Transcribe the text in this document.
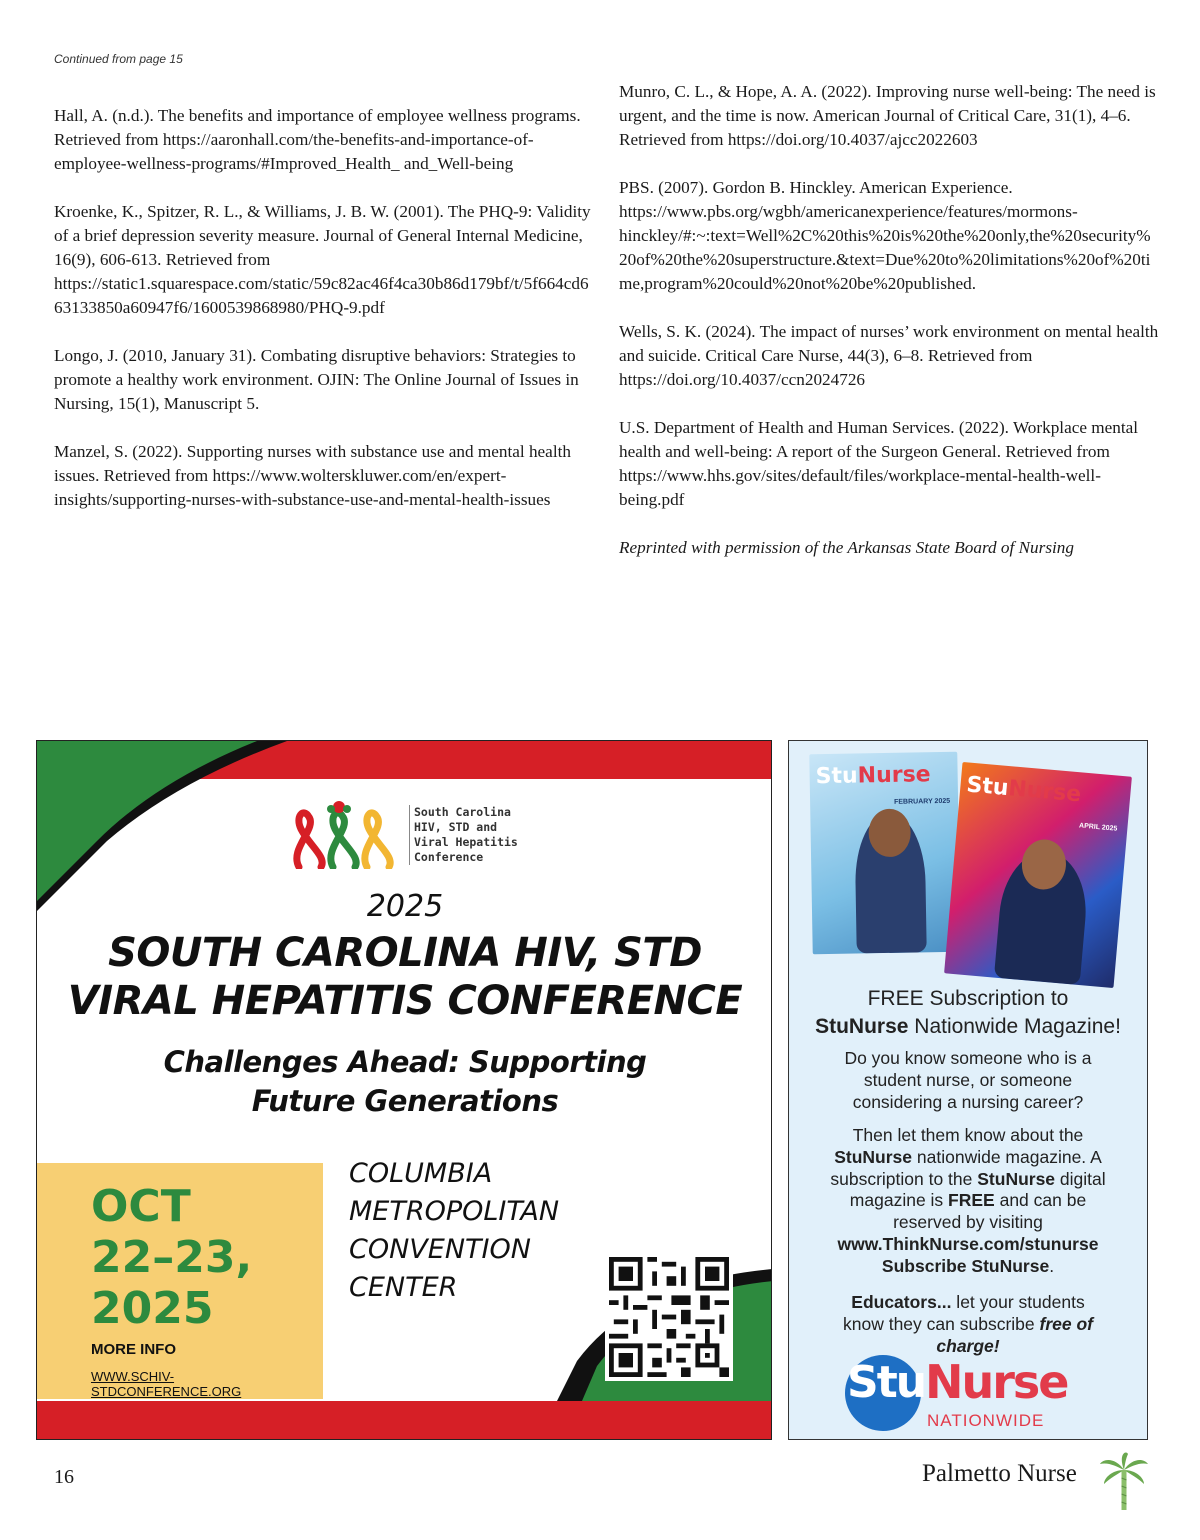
Continued from page 15

Hall, A. (n.d.). The benefits and importance of employee wellness programs. Retrieved from https://aaronhall.com/the-benefits-and-importance-of-employee-wellness-programs/#Improved_Health_ and_Well-being

Kroenke, K., Spitzer, R. L., & Williams, J. B. W. (2001). The PHQ-9: Validity of a brief depression severity measure. Journal of General Internal Medicine, 16(9), 606-613. Retrieved from https://static1.squarespace.com/static/59c82ac46f4ca30b86d179bf/t/5f664cd663133850a60947f6/1600539868980/PHQ-9.pdf

Longo, J. (2010, January 31). Combating disruptive behaviors: Strategies to promote a healthy work environment. OJIN: The Online Journal of Issues in Nursing, 15(1), Manuscript 5.

Manzel, S. (2022). Supporting nurses with substance use and mental health issues. Retrieved from https://www.wolterskluwer.com/en/expert-insights/supporting-nurses-with-substance-use-and-mental-health-issues

Munro, C. L., & Hope, A. A. (2022). Improving nurse well-being: The need is urgent, and the time is now. American Journal of Critical Care, 31(1), 4–6. Retrieved from https://doi.org/10.4037/ajcc2022603

PBS. (2007). Gordon B. Hinckley. American Experience. https://www.pbs.org/wgbh/americanexperience/features/mormons-hinckley/#:~:text=Well%2C%20this%20is%20the%20only,the%20security%20of%20the%20superstructure.&text=Due%20to%20limitations%20of%20time,program%20could%20not%20be%20published.

Wells, S. K. (2024). The impact of nurses’ work environment on mental health and suicide. Critical Care Nurse, 44(3), 6–8. Retrieved from https://doi.org/10.4037/ccn2024726

U.S. Department of Health and Human Services. (2022). Workplace mental health and well-being: A report of the Surgeon General. Retrieved from https://www.hhs.gov/sites/default/files/workplace-mental-health-well-being.pdf

Reprinted with permission of the Arkansas State Board of Nursing

South Carolina
HIV, STD and
Viral Hepatitis
Conference
2025
SOUTH CAROLINA HIV, STD
VIRAL HEPATITIS CONFERENCE
Challenges Ahead: Supporting
Future Generations
OCT
22–23,
2025
MORE INFO
WWW.SCHIV-STDCONFERENCE.ORG
COLUMBIA
METROPOLITAN
CONVENTION
CENTER
StuNurse
FEBRUARY 2025
StuNurse
APRIL 2025
FREE Subscription to
StuNurse Nationwide Magazine!
Do you know someone who is a student nurse, or someone considering a nursing career?
Then let them know about the StuNurse nationwide magazine. A subscription to the StuNurse digital magazine is FREE and can be reserved by visiting www.ThinkNurse.com/stunurse
Subscribe StuNurse.
Educators... let your students know they can subscribe free of charge!
Stu Nurse
NATIONWIDE
16	Palmetto Nurse
